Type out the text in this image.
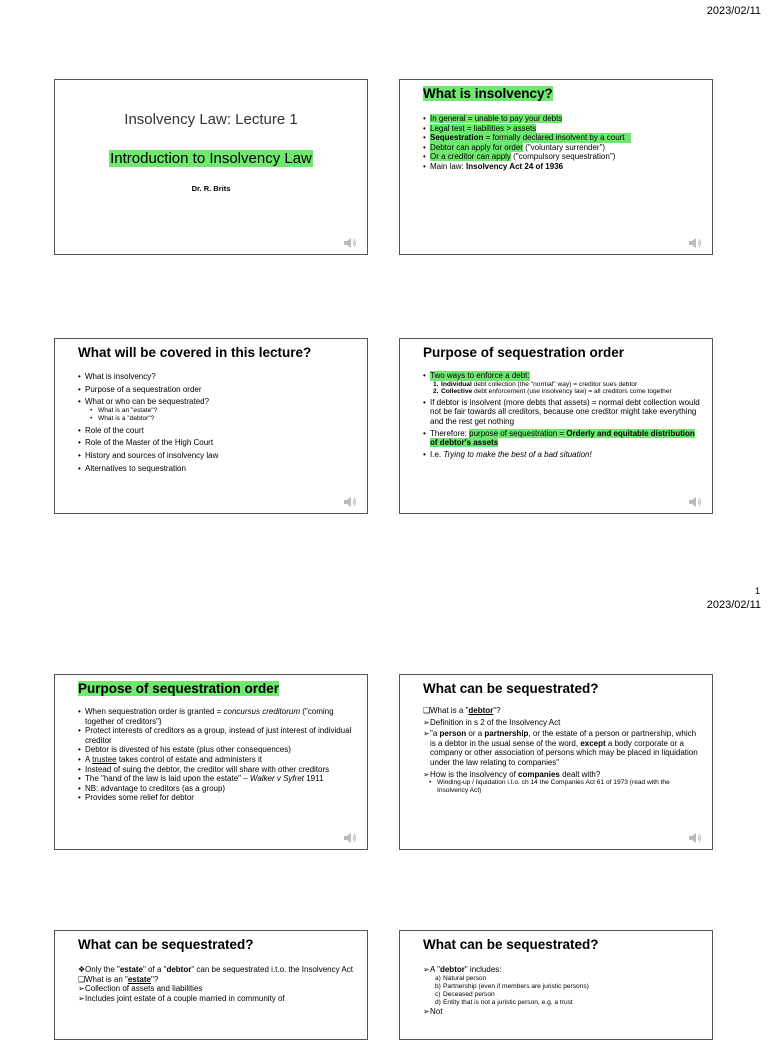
2023/02/11
Insolvency Law: Lecture 1
Introduction to Insolvency Law
Dr. R. Brits
What is insolvency?
• In general = unable to pay your debts
• Legal test = liabilities > assets
• Sequestration = formally declared insolvent by a court
• Debtor can apply for order ("voluntary surrender")
• Or a creditor can apply ("compulsory sequestration")
• Main law: Insolvency Act 24 of 1936
What will be covered in this lecture?
• What is insolvency?
• Purpose of a sequestration order
• What or who can be sequestrated?
• What is an "estate"?
• What is a "debtor"?
• Role of the court
• Role of the Master of the High Court
• History and sources of insolvency law
• Alternatives to sequestration
Purpose of sequestration order
• Two ways to enforce a debt:
1. Individual debt collection (the "normal" way) = creditor sues debtor
2. Collective debt enforcement (use insolvency law) = all creditors come together
• If debtor is insolvent (more debts that assets) = normal debt collection would not be fair towards all creditors, because one creditor might take everything and the rest get nothing
• Therefore: purpose of sequestration = Orderly and equitable distribution of debtor's assets
• I.e. Trying to make the best of a bad situation!
1
2023/02/11
Purpose of sequestration order
• When sequestration order is granted = concursus creditorum ("coming together of creditors")
• Protect interests of creditors as a group, instead of just interest of individual creditor
• Debtor is divested of his estate (plus other consequences)
• A trustee takes control of estate and administers it
• Instead of suing the debtor, the creditor will share with other creditors
• The "hand of the law is laid upon the estate" – Walker v Syfret 1911
• NB: advantage to creditors (as a group)
• Provides some relief for debtor
What can be sequestrated?
❑ What is a "debtor"?
➢ Definition in s 2 of the Insolvency Act
➢ "a person or a partnership, or the estate of a person or partnership, which is a debtor in the usual sense of the word, except a body corporate or a company or other association of persons which may be placed in liquidation under the law relating to companies"
➢ How is the insolvency of companies dealt with?
• Winding-up / liquidation i.t.o. ch 14 the Companies Act 61 of 1973 (read with the Insolvency Act)
What can be sequestrated?
❖ Only the "estate" of a "debtor" can be sequestrated i.t.o. the Insolvency Act
❑ What is an "estate"?
➢ Collection of assets and liabilities
➢ Includes joint estate of a couple married in community of
What can be sequestrated?
➢ A "debtor" includes:
a) Natural person
b) Partnership (even if members are juristic persons)
c) Deceased person
d) Entity that is not a juristic person, e.g. a trust
➢ Not
